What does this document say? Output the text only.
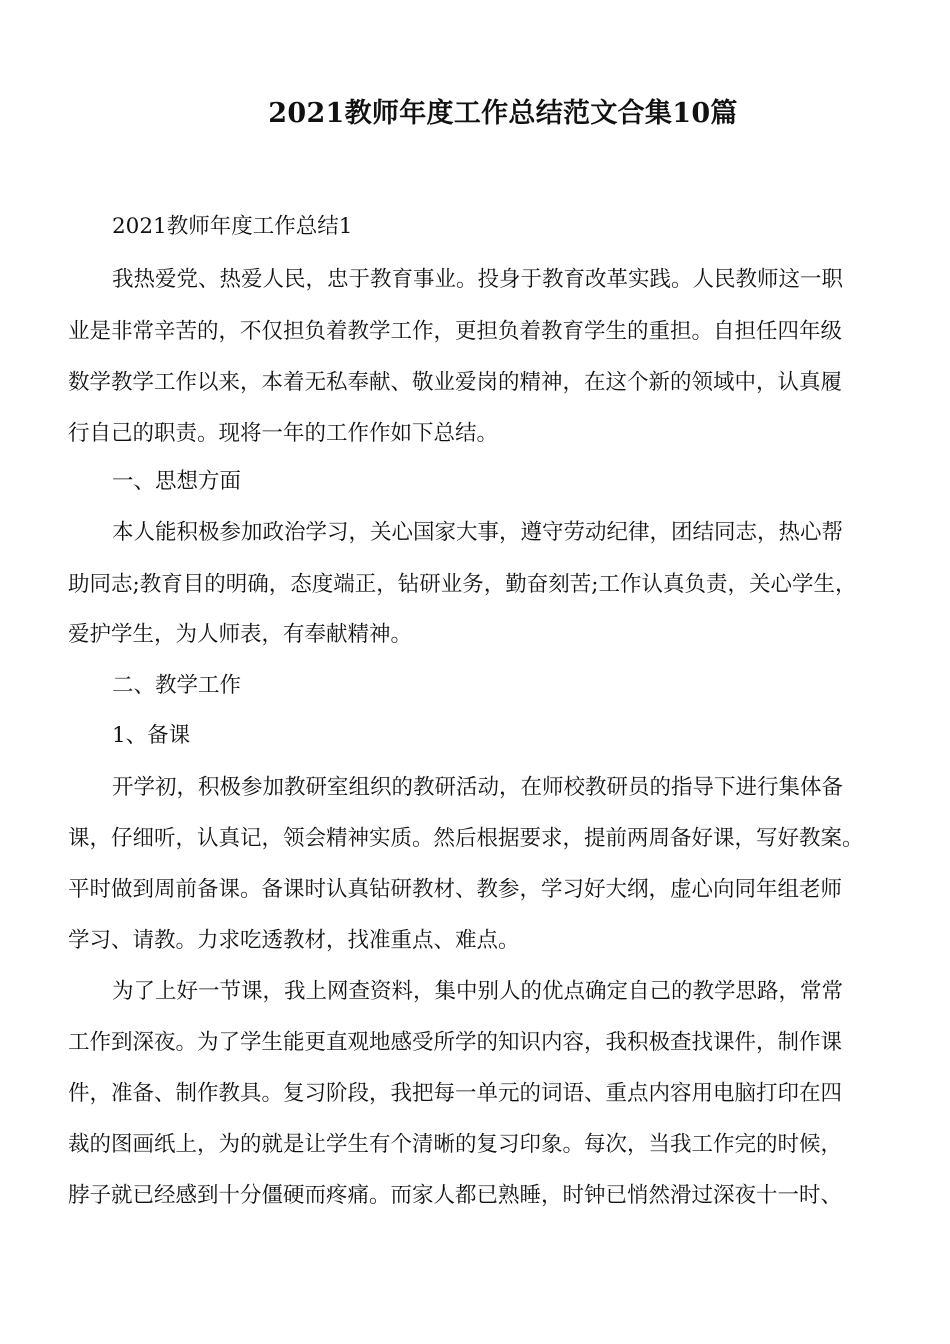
2021教师年度工作总结范文合集10篇
2021教师年度工作总结1
我热爱党、热爱人民，忠于教育事业。投身于教育改革实践。人民教师这一职
业是非常辛苦的，不仅担负着教学工作，更担负着教育学生的重担。自担任四年级
数学教学工作以来，本着无私奉献、敬业爱岗的精神，在这个新的领域中，认真履
行自己的职责。现将一年的工作作如下总结。
一、思想方面
本人能积极参加政治学习，关心国家大事，遵守劳动纪律，团结同志，热心帮
助同志;教育目的明确，态度端正，钻研业务，勤奋刻苦;工作认真负责，关心学生，
爱护学生，为人师表，有奉献精神。
二、教学工作
1、备课
开学初，积极参加教研室组织的教研活动，在师校教研员的指导下进行集体备
课，仔细听，认真记，领会精神实质。然后根据要求，提前两周备好课，写好教案。
平时做到周前备课。备课时认真钻研教材、教参，学习好大纲，虚心向同年组老师
学习、请教。力求吃透教材，找准重点、难点。
为了上好一节课，我上网查资料，集中别人的优点确定自己的教学思路，常常
工作到深夜。为了学生能更直观地感受所学的知识内容，我积极查找课件，制作课
件，准备、制作教具。复习阶段，我把每一单元的词语、重点内容用电脑打印在四
裁的图画纸上，为的就是让学生有个清晰的复习印象。每次，当我工作完的时候，
脖子就已经感到十分僵硬而疼痛。而家人都已熟睡，时钟已悄然滑过深夜十一时、
